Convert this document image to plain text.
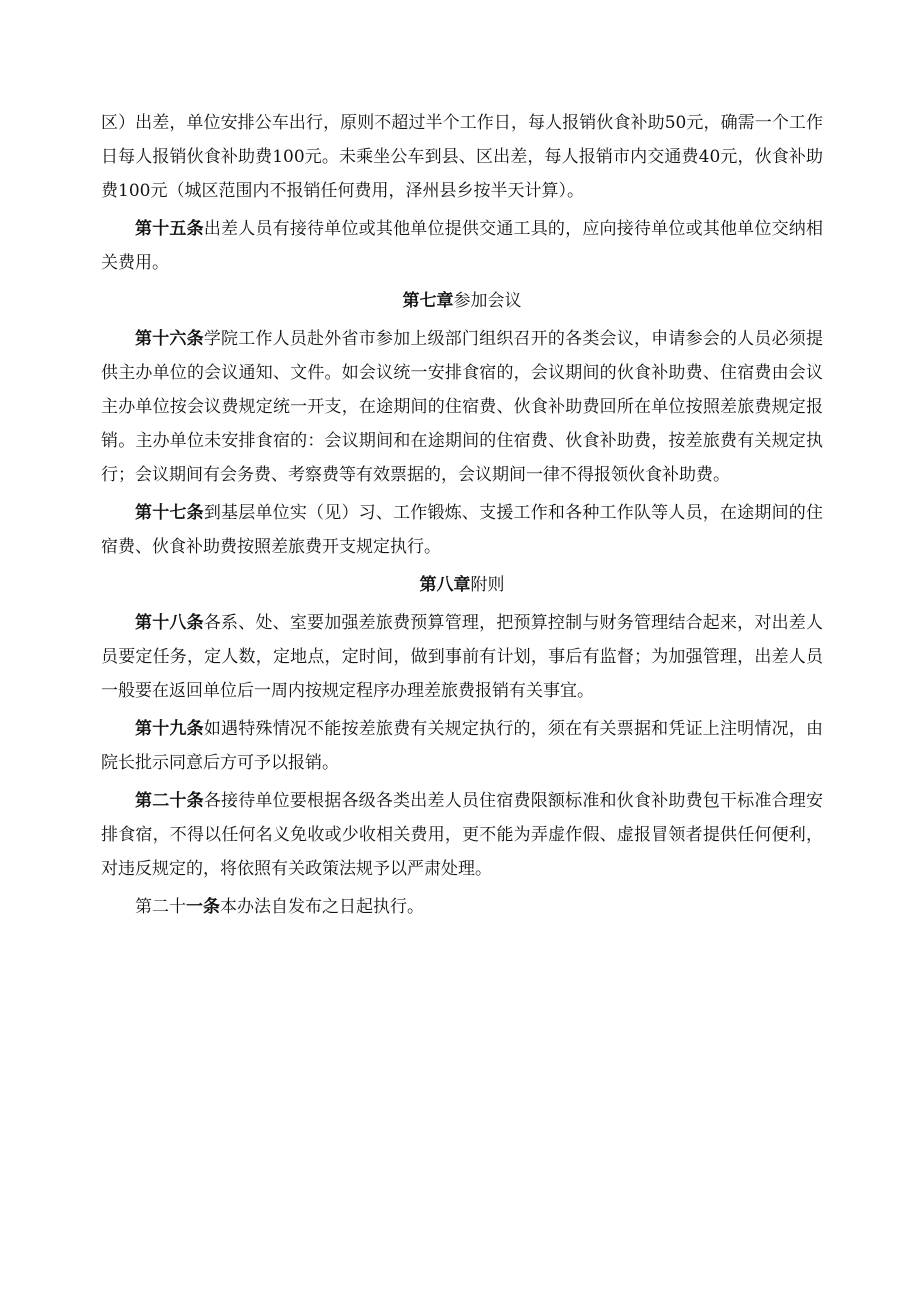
区）出差，单位安排公车出行，原则不超过半个工作日，每人报销伙食补助50元，确需一个工作日每人报销伙食补助费100元。未乘坐公车到县、区出差，每人报销市内交通费40元，伙食补助费100元（城区范围内不报销任何费用，泽州县乡按半天计算）。

第十五条出差人员有接待单位或其他单位提供交通工具的，应向接待单位或其他单位交纳相关费用。

第七章参加会议

第十六条学院工作人员赴外省市参加上级部门组织召开的各类会议，申请参会的人员必须提供主办单位的会议通知、文件。如会议统一安排食宿的，会议期间的伙食补助费、住宿费由会议主办单位按会议费规定统一开支，在途期间的住宿费、伙食补助费回所在单位按照差旅费规定报销。主办单位未安排食宿的：会议期间和在途期间的住宿费、伙食补助费，按差旅费有关规定执行；会议期间有会务费、考察费等有效票据的，会议期间一律不得报领伙食补助费。

第十七条到基层单位实（见）习、工作锻炼、支援工作和各种工作队等人员，在途期间的住宿费、伙食补助费按照差旅费开支规定执行。

第八章附则

第十八条各系、处、室要加强差旅费预算管理，把预算控制与财务管理结合起来，对出差人员要定任务，定人数，定地点，定时间，做到事前有计划，事后有监督；为加强管理，出差人员一般要在返回单位后一周内按规定程序办理差旅费报销有关事宜。

第十九条如遇特殊情况不能按差旅费有关规定执行的，须在有关票据和凭证上注明情况，由院长批示同意后方可予以报销。

第二十条各接待单位要根据各级各类出差人员住宿费限额标准和伙食补助费包干标准合理安排食宿，不得以任何名义免收或少收相关费用，更不能为弄虚作假、虚报冒领者提供任何便利，对违反规定的，将依照有关政策法规予以严肃处理。

第二十一条本办法自发布之日起执行。
